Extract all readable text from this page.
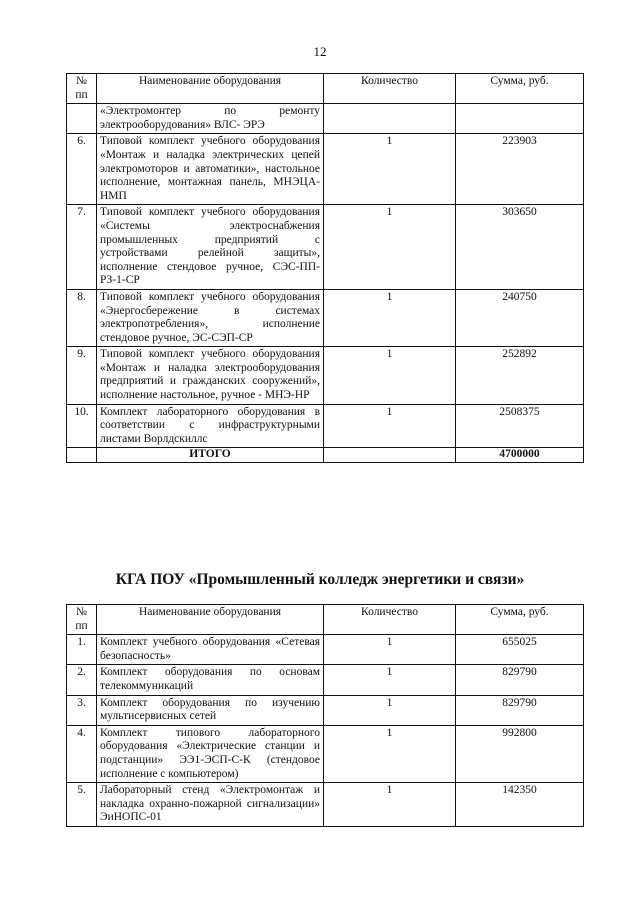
12
№ пп	Наименование оборудования	Количество	Сумма, руб.
	«Электромонтер по ремонту электрооборудования» ВЛС- ЭРЭ		
6.	Типовой комплект учебного оборудования «Монтаж и наладка электрических цепей электромоторов и автоматики», настольное исполнение, монтажная панель, МНЭЦА-НМП	1	223903
7.	Типовой комплект учебного оборудования «Системы электроснабжения промышленных предприятий с устройствами релейной защиты», исполнение стендовое ручное, СЭС-ПП-РЗ-1-СР	1	303650
8.	Типовой комплект учебного оборудования «Энергосбережение в системах электропотребления», исполнение стендовое ручное, ЭС-СЭП-СР	1	240750
9.	Типовой комплект учебного оборудования «Монтаж и наладка электрооборудования предприятий и гражданских сооружений», исполнение настольное, ручное - МНЭ-НР	1	252892
10.	Комплект лабораторного оборудования в соответствии с инфраструктурными листами Ворлдскиллс	1	2508375
	ИТОГО		4700000
КГА ПОУ «Промышленный колледж энергетики и связи»
№ пп	Наименование оборудования	Количество	Сумма, руб.
1.	Комплект учебного оборудования «Сетевая безопасность»	1	655025
2.	Комплект оборудования по основам телекоммуникаций	1	829790
3.	Комплект оборудования по изучению мультисервисных сетей	1	829790
4.	Комплект типового лабораторного оборудования «Электрические станции и подстанции» ЭЭ1-ЭСП-С-К (стендовое исполнение с компьютером)	1	992800
5.	Лабораторный стенд «Электромонтаж и накладка охранно-пожарной сигнализации» ЭиНОПС-01	1	142350
